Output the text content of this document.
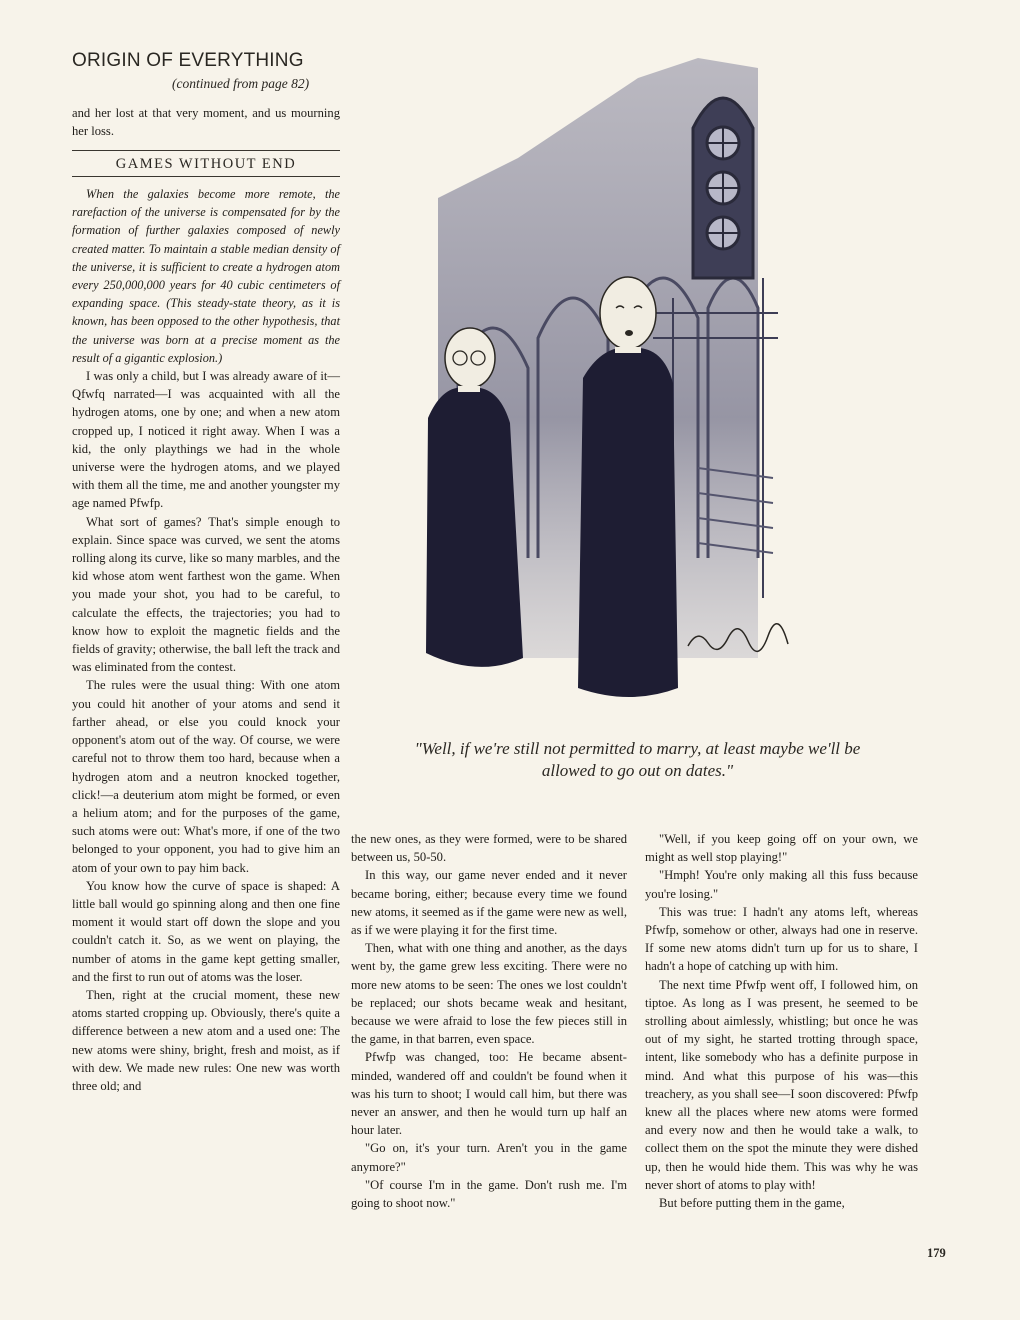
ORIGIN OF EVERYTHING
(continued from page 82)

and her lost at that very moment, and us mourning her loss.

GAMES WITHOUT END

When the galaxies become more remote, the rarefaction of the universe is compensated for by the formation of further galaxies composed of newly created matter. To maintain a stable median density of the universe, it is sufficient to create a hydrogen atom every 250,000,000 years for 40 cubic centimeters of expanding space. (This steady-state theory, as it is known, has been opposed to the other hypothesis, that the universe was born at a precise moment as the result of a gigantic explosion.)

I was only a child, but I was already aware of it—Qfwfq narrated—I was acquainted with all the hydrogen atoms, one by one; and when a new atom cropped up, I noticed it right away. When I was a kid, the only playthings we had in the whole universe were the hydrogen atoms, and we played with them all the time, me and another youngster my age named Pfwfp.

What sort of games? That's simple enough to explain. Since space was curved, we sent the atoms rolling along its curve, like so many marbles, and the kid whose atom went farthest won the game. When you made your shot, you had to be careful, to calculate the effects, the trajectories; you had to know how to exploit the magnetic fields and the fields of gravity; otherwise, the ball left the track and was eliminated from the contest.

The rules were the usual thing: With one atom you could hit another of your atoms and send it farther ahead, or else you could knock your opponent's atom out of the way. Of course, we were careful not to throw them too hard, because when a hydrogen atom and a neutron knocked together, click!—a deuterium atom might be formed, or even a helium atom; and for the purposes of the game, such atoms were out: What's more, if one of the two belonged to your opponent, you had to give him an atom of your own to pay him back.

You know how the curve of space is shaped: A little ball would go spinning along and then one fine moment it would start off down the slope and you couldn't catch it. So, as we went on playing, the number of atoms in the game kept getting smaller, and the first to run out of atoms was the loser.

Then, right at the crucial moment, these new atoms started cropping up. Obviously, there's quite a difference between a new atom and a used one: The new atoms were shiny, bright, fresh and moist, as if with dew. We made new rules: One new was worth three old; and

"Well, if we're still not permitted to marry, at least maybe we'll be allowed to go out on dates."

the new ones, as they were formed, were to be shared between us, 50-50.

In this way, our game never ended and it never became boring, either; because every time we found new atoms, it seemed as if the game were new as well, as if we were playing it for the first time.

Then, what with one thing and another, as the days went by, the game grew less exciting. There were no more new atoms to be seen: The ones we lost couldn't be replaced; our shots became weak and hesitant, because we were afraid to lose the few pieces still in the game, in that barren, even space.

Pfwfp was changed, too: He became absent-minded, wandered off and couldn't be found when it was his turn to shoot; I would call him, but there was never an answer, and then he would turn up half an hour later.

"Go on, it's your turn. Aren't you in the game anymore?"

"Of course I'm in the game. Don't rush me. I'm going to shoot now."

"Well, if you keep going off on your own, we might as well stop playing!"

"Hmph! You're only making all this fuss because you're losing."

This was true: I hadn't any atoms left, whereas Pfwfp, somehow or other, always had one in reserve. If some new atoms didn't turn up for us to share, I hadn't a hope of catching up with him.

The next time Pfwfp went off, I followed him, on tiptoe. As long as I was present, he seemed to be strolling about aimlessly, whistling; but once he was out of my sight, he started trotting through space, intent, like somebody who has a definite purpose in mind. And what this purpose of his was—this treachery, as you shall see—I soon discovered: Pfwfp knew all the places where new atoms were formed and every now and then he would take a walk, to collect them on the spot the minute they were dished up, then he would hide them. This was why he was never short of atoms to play with!

But before putting them in the game,

179
